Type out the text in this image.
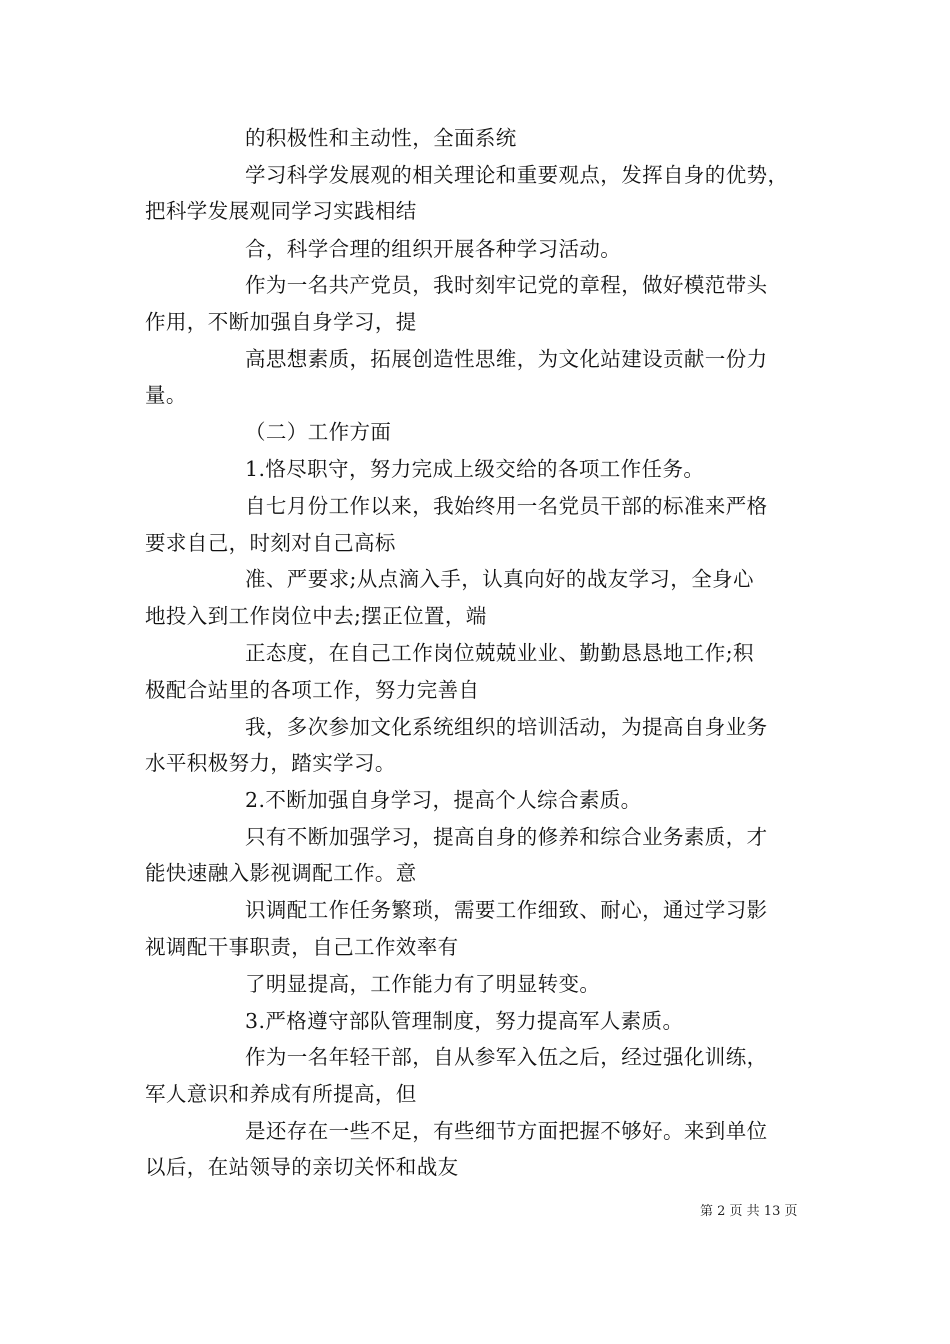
的积极性和主动性，全面系统
学习科学发展观的相关理论和重要观点，发挥自身的优势，
把科学发展观同学习实践相结
合，科学合理的组织开展各种学习活动。
作为一名共产党员，我时刻牢记党的章程，做好模范带头
作用，不断加强自身学习，提
高思想素质，拓展创造性思维，为文化站建设贡献一份力
量。
（二）工作方面
1.恪尽职守，努力完成上级交给的各项工作任务。
自七月份工作以来，我始终用一名党员干部的标准来严格
要求自己，时刻对自己高标
准、严要求;从点滴入手，认真向好的战友学习，全身心
地投入到工作岗位中去;摆正位置，端
正态度，在自己工作岗位兢兢业业、勤勤恳恳地工作;积
极配合站里的各项工作，努力完善自
我，多次参加文化系统组织的培训活动，为提高自身业务
水平积极努力，踏实学习。
2.不断加强自身学习，提高个人综合素质。
只有不断加强学习，提高自身的修养和综合业务素质，才
能快速融入影视调配工作。意
识调配工作任务繁琐，需要工作细致、耐心，通过学习影
视调配干事职责，自己工作效率有
了明显提高，工作能力有了明显转变。
3.严格遵守部队管理制度，努力提高军人素质。
作为一名年轻干部，自从参军入伍之后，经过强化训练，
军人意识和养成有所提高，但
是还存在一些不足，有些细节方面把握不够好。来到单位
以后，在站领导的亲切关怀和战友
第 2 页 共 13 页
